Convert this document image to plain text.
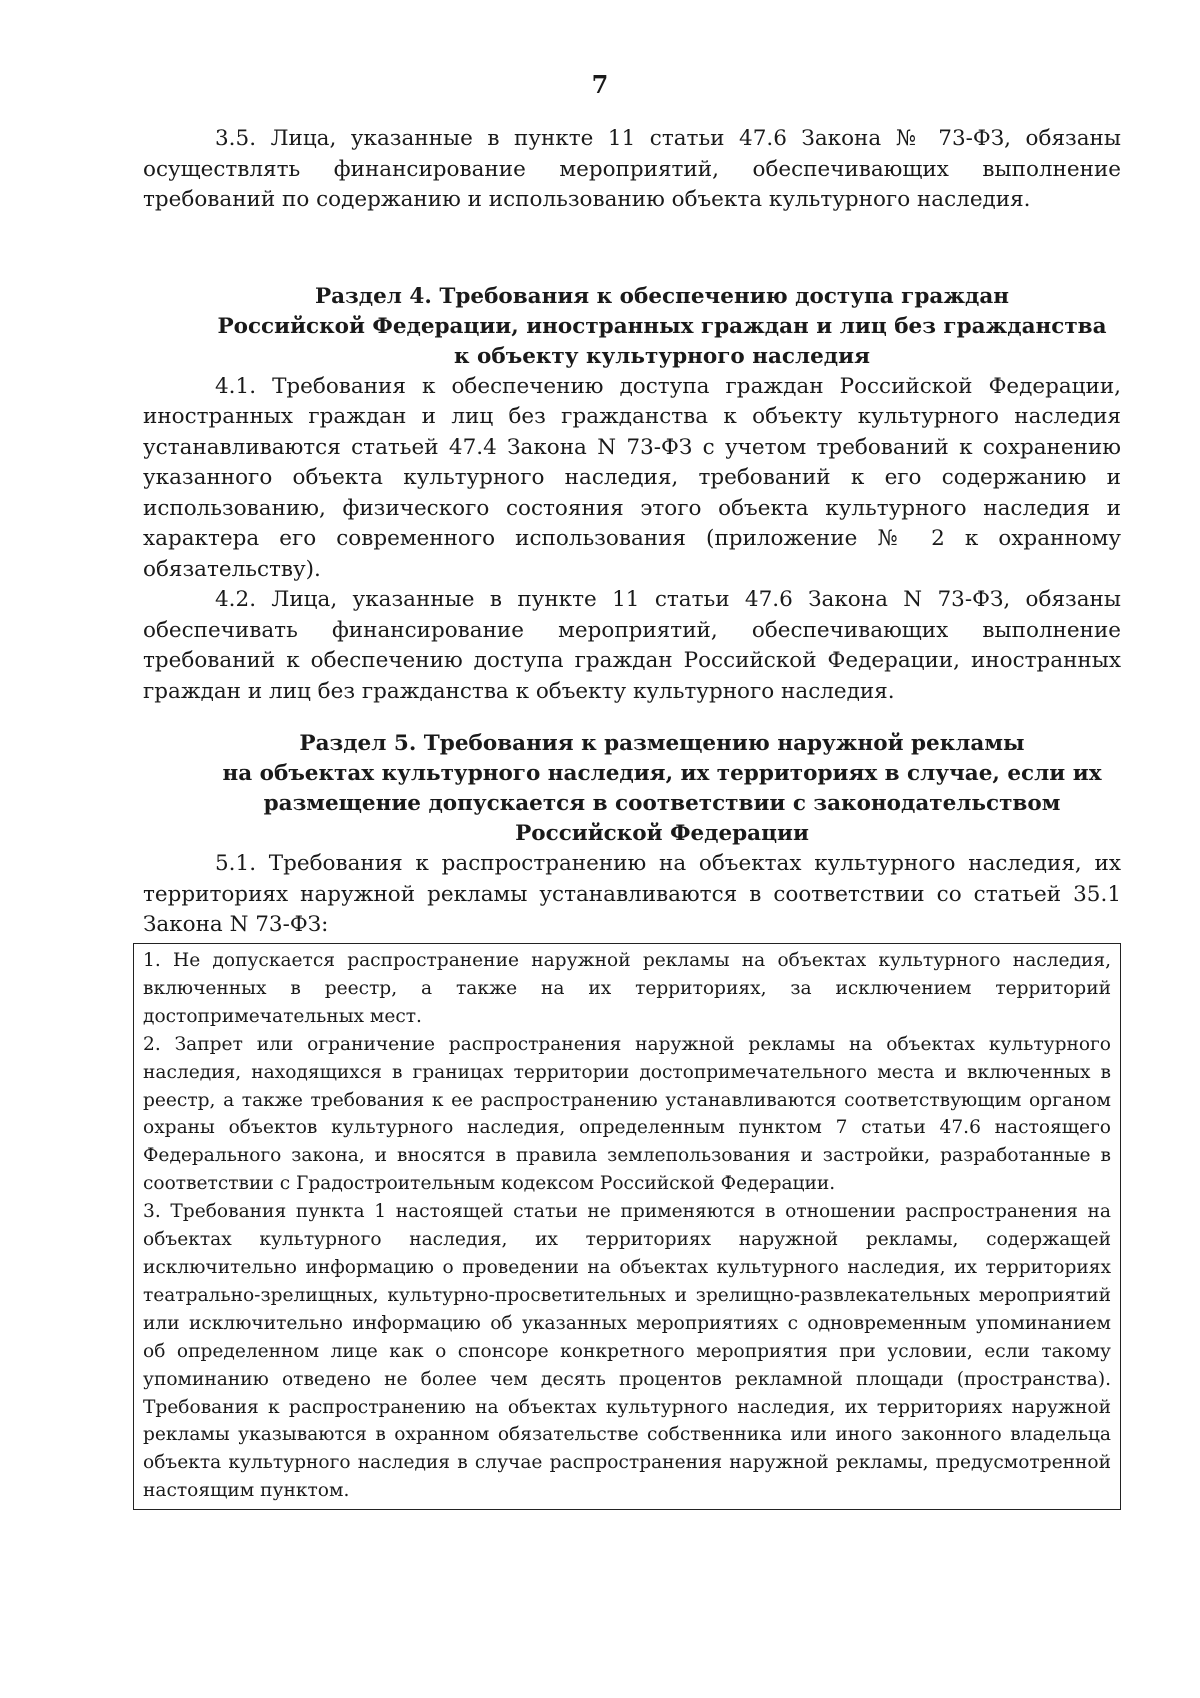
7

3.5. Лица, указанные в пункте 11 статьи 47.6 Закона № 73-ФЗ, обязаны осуществлять финансирование мероприятий, обеспечивающих выполнение требований по содержанию и использованию объекта культурного наследия.

Раздел 4. Требования к обеспечению доступа граждан
Российской Федерации, иностранных граждан и лиц без гражданства
к объекту культурного наследия

4.1. Требования к обеспечению доступа граждан Российской Федерации, иностранных граждан и лиц без гражданства к объекту культурного наследия устанавливаются статьей 47.4 Закона N 73-ФЗ с учетом требований к сохранению указанного объекта культурного наследия, требований к его содержанию и использованию, физического состояния этого объекта культурного наследия и характера его современного использования (приложение № 2 к охранному обязательству).

4.2. Лица, указанные в пункте 11 статьи 47.6 Закона N 73-ФЗ, обязаны обеспечивать финансирование мероприятий, обеспечивающих выполнение требований к обеспечению доступа граждан Российской Федерации, иностранных граждан и лиц без гражданства к объекту культурного наследия.

Раздел 5. Требования к размещению наружной рекламы
на объектах культурного наследия, их территориях в случае, если их
размещение допускается в соответствии с законодательством
Российской Федерации

5.1. Требования к распространению на объектах культурного наследия, их территориях наружной рекламы устанавливаются в соответствии со статьей 35.1 Закона N 73-ФЗ:

1. Не допускается распространение наружной рекламы на объектах культурного наследия, включенных в реестр, а также на их территориях, за исключением территорий достопримечательных мест.

2. Запрет или ограничение распространения наружной рекламы на объектах культурного наследия, находящихся в границах территории достопримечательного места и включенных в реестр, а также требования к ее распространению устанавливаются соответствующим органом охраны объектов культурного наследия, определенным пунктом 7 статьи 47.6 настоящего Федерального закона, и вносятся в правила землепользования и застройки, разработанные в соответствии с Градостроительным кодексом Российской Федерации.

3. Требования пункта 1 настоящей статьи не применяются в отношении распространения на объектах культурного наследия, их территориях наружной рекламы, содержащей исключительно информацию о проведении на объектах культурного наследия, их территориях театрально-зрелищных, культурно-просветительных и зрелищно-развлекательных мероприятий или исключительно информацию об указанных мероприятиях с одновременным упоминанием об определенном лице как о спонсоре конкретного мероприятия при условии, если такому упоминанию отведено не более чем десять процентов рекламной площади (пространства). Требования к распространению на объектах культурного наследия, их территориях наружной рекламы указываются в охранном обязательстве собственника или иного законного владельца объекта культурного наследия в случае распространения наружной рекламы, предусмотренной настоящим пунктом.
